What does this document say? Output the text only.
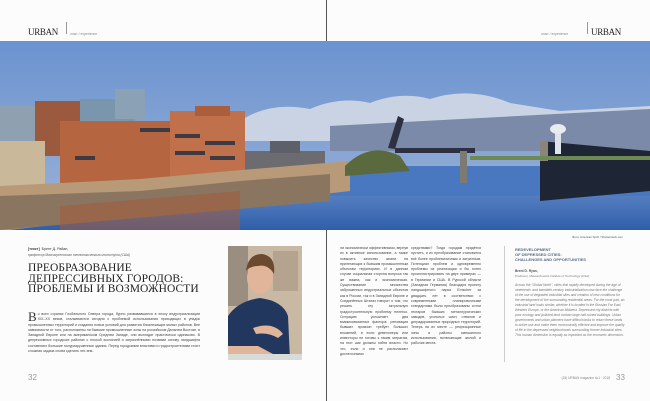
URBAN	опыт / experience	опыт / experience	URBAN
Фото: American Spirit / Shutterstock.com
[текст] Брент Д. Райан,
профессор Массачусетского технологического института (США)
ПРЕОБРАЗОВАНИЕ
ДЕПРЕССИВНЫХ ГОРОДОВ:
ПРОБЛЕМЫ И ВОЗМОЖНОСТИ
Во всех странах Глобального Севера города, бурно развивавшиеся в эпоху индустриализации XIX–XX веков, сталкиваются сегодня с проблемой использования приходящих в упадок промышленных территорий и создания новых условий для развития близлежащих жилых районов. Вне зависимости от того, расположены ли бывшие промышленные зоны на российском Дальнем Востоке, в Западной Европе или на американском Среднем Западе, они выглядят практически одинаково. В депрессивных городских районах с плохой экологией и загрязнёнными почвами основу ландшафта составляют большие полуразрушенные здания. Перед городскими властями и градостроителями стоит сложная задача снова сделать эти зем-
ли экономически эффективными, вернув их в активное использование, а также повысить качество жизни на прилегающих к бывшим промышленным объектам территориях. И в данном случае социальная сторона вопроса так же важна, как и экономическая. Существование множества заброшенных индустриальных объектов как в России, так и в Западной Европе и Соединённых Штатах говорит о том, что решить эту актуальную градостроительную проблему нелегко. Ситуацию усложняет два взаимосвязанных фактора: реновация бывших промзон требует больших вложений, и если девелоперы или инвесторы не готовы к таким затратам, на этот шаг должны пойти власти. Но что, если и они не располагают достаточными
средствами? Тогда городам придётся пустить, и их преобразование становится всё более проблематичным и затратным. Потенциал проблем и одновременно проблемы их реализации и бы хотел проиллюстрировать на двух примерах — в Германии и США. В Рурской области (Западная Германия) благодаря проекту ландшафтного парка Emscher за двадцать лет в соответствии с современными планировочными стандартами были преобразованы сотни гектаров бывших металлургических заводов, угольных шахт, отвалов и деградированных природных территорий. Теперь на их месте — рекреационные зоны и районы смешанного использования, включающие жилой и рабочие места.
REDEVELOPMENT
OF DEPRESSED CITIES:
CHALLENGES AND OPPORTUNITIES
Brent D. Ryan,
Professor, Massachusetts Institute of Technology (USA)
Across the "Global North", cities that rapidly developed during the age of nineteenth- and twentieth-century industrialization now face the challenge of the use of degraded industrial sites and creation of new conditions for the development of the surrounding residential areas. For the most part, an industrial land looks similar, whether it is located in the Russian Far East, Western Europe, or the American Midwest. Depressed city districts with poor ecology and polluted land contain large half-ruined buildings. Urban governments and urban planners have difficult tasks to return these lands to active use and make them economically efficient and improve the quality of life in the depressed neighborhoods surrounding former industrial sites. This human dimension is equally as important as the economic dimension.
32	(18) URBAN magazine №1 · 2018 33
